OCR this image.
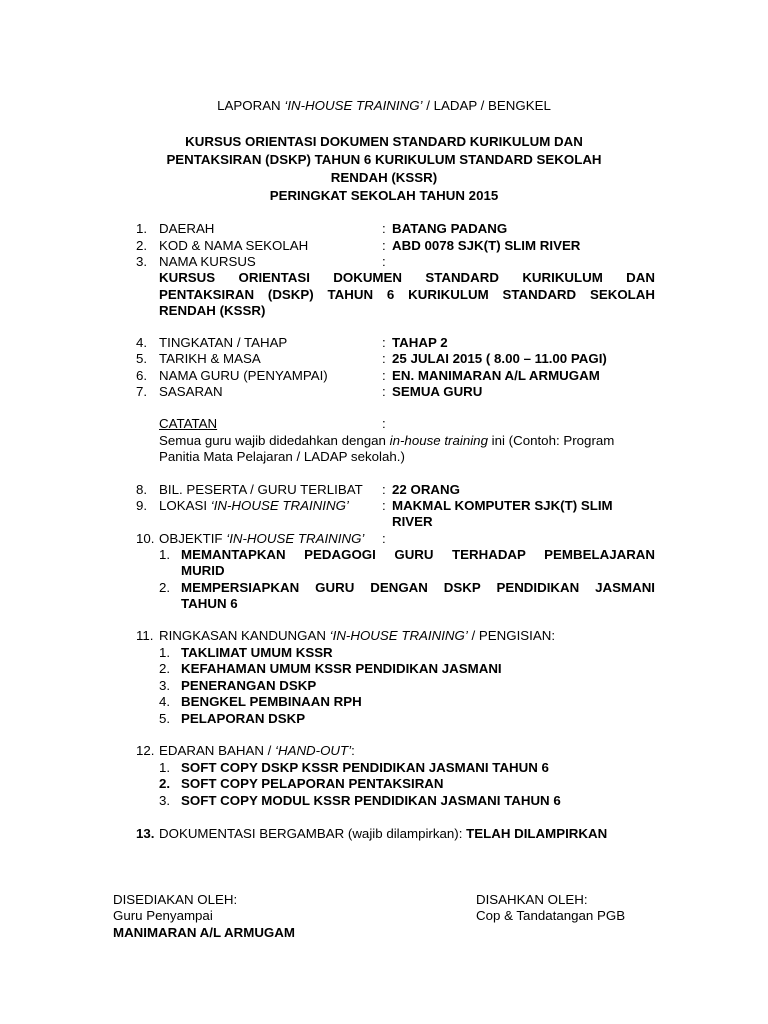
LAPORAN ‘IN-HOUSE TRAINING’ / LADAP / BENGKEL
KURSUS ORIENTASI DOKUMEN STANDARD KURIKULUM DAN
PENTAKSIRAN (DSKP) TAHUN 6 KURIKULUM STANDARD SEKOLAH
RENDAH (KSSR)
PERINGKAT SEKOLAH TAHUN 2015
1. DAERAH	: BATANG PADANG
2. KOD & NAMA SEKOLAH	: ABD 0078 SJK(T) SLIM RIVER
3. NAMA KURSUS	:
KURSUS ORIENTASI DOKUMEN STANDARD KURIKULUM DAN
PENTAKSIRAN (DSKP) TAHUN 6 KURIKULUM STANDARD SEKOLAH
RENDAH (KSSR)
4. TINGKATAN / TAHAP	: TAHAP 2
5. TARIKH & MASA	: 25 JULAI 2015 ( 8.00 – 11.00 PAGI)
6. NAMA GURU (PENYAMPAI)	: EN. MANIMARAN A/L ARMUGAM
7. SASARAN	: SEMUA GURU
CATATAN	:
Semua guru wajib didedahkan dengan in-house training ini (Contoh: Program
Panitia Mata Pelajaran / LADAP sekolah.)
8. BIL. PESERTA / GURU TERLIBAT : 22 ORANG
9. LOKASI ‘IN-HOUSE TRAINING’ : MAKMAL KOMPUTER SJK(T) SLIM
RIVER
10. OBJEKTIF ‘IN-HOUSE TRAINING’ :
1. MEMANTAPKAN PEDAGOGI GURU TERHADAP PEMBELAJARAN
MURID
2. MEMPERSIAPKAN GURU DENGAN DSKP PENDIDIKAN JASMANI
TAHUN 6
11. RINGKASAN KANDUNGAN ‘IN-HOUSE TRAINING’ / PENGISIAN:
1. TAKLIMAT UMUM KSSR
2. KEFAHAMAN UMUM KSSR PENDIDIKAN JASMANI
3. PENERANGAN DSKP
4. BENGKEL PEMBINAAN RPH
5. PELAPORAN DSKP
12. EDARAN BAHAN / ‘HAND-OUT’:
1. SOFT COPY DSKP KSSR PENDIDIKAN JASMANI TAHUN 6
2. SOFT COPY PELAPORAN PENTAKSIRAN
3. SOFT COPY MODUL KSSR PENDIDIKAN JASMANI TAHUN 6
13. DOKUMENTASI BERGAMBAR (wajib dilampirkan): TELAH DILAMPIRKAN
DISEDIAKAN OLEH:
Guru Penyampai
MANIMARAN A/L ARMUGAM
DISAHKAN OLEH:
Cop & Tandatangan PGB
